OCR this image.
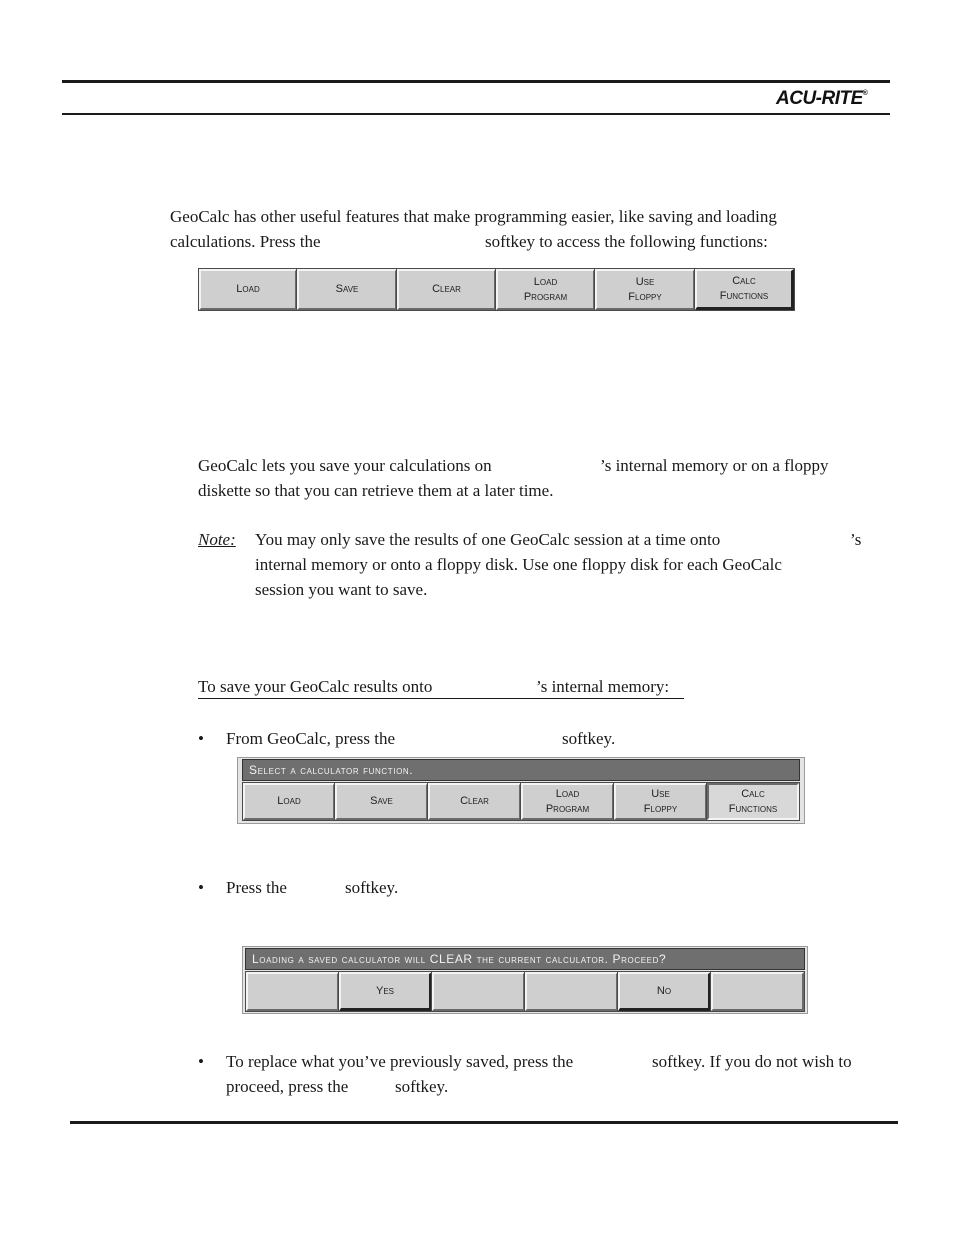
ACU-RITE®
GeoCalc has other useful features that make programming easier, like saving and loading
calculations. Press the	softkey to access the following functions:
Load	Save	Clear
Load
Program
Use
Floppy
Calc
Functions
GeoCalc lets you save your calculations on	’s internal memory or on a floppy
diskette so that you can retrieve them at a later time.
Note: You may only save the results of one GeoCalc session at a time onto	’s
internal memory or onto a floppy disk. Use one floppy disk for each GeoCalc
session you want to save.
To save your GeoCalc results onto	’s internal memory:
• From GeoCalc, press the	softkey.
Select a calculator function.
Load	Save	Clear
Load
Program
Use
Floppy
Calc
Functions
• Press the	softkey.
Loading a saved calculator will CLEAR the current calculator. Proceed?
Yes	No
• To replace what you’ve previously saved, press the	softkey. If you do not wish to
proceed, press the	softkey.
